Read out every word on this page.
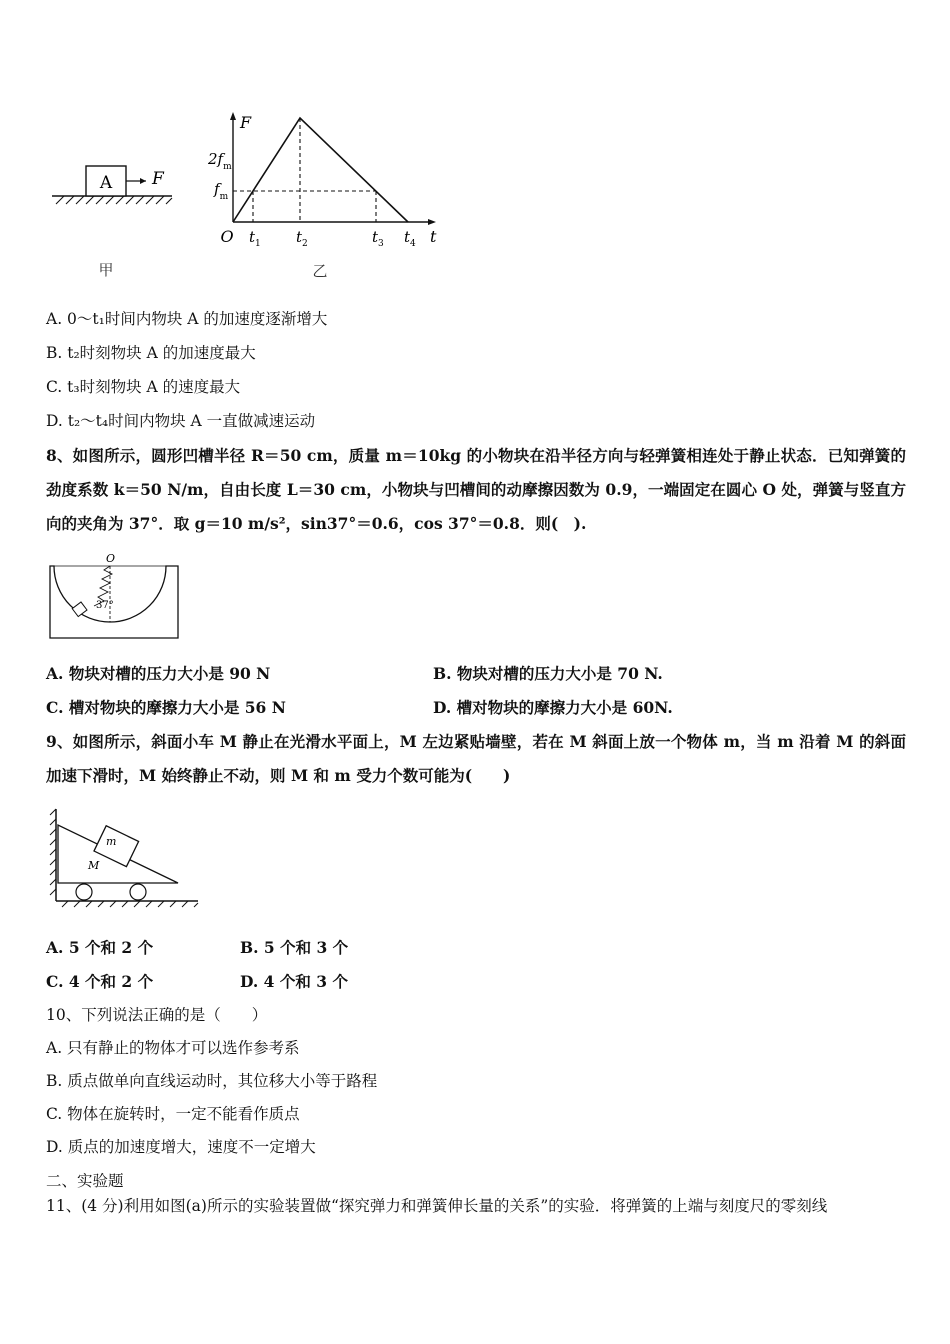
A F
甲
F
t
O
$2f_m$
$f_m$
$t_1$ $t_2$	$t_3$ $t_4$
乙
A. 0～t₁时间内物块 A 的加速度逐渐增大
B. t₂时刻物块 A 的加速度最大
C. t₃时刻物块 A 的速度最大
D. t₂～t₄时间内物块 A 一直做减速运动
8、如图所示，圆形凹槽半径 R＝50 cm，质量 m＝10kg 的小物块在沿半径方向与轻弹簧相连处于静止状态．已知弹簧的劲度系数 k＝50 N/m，自由长度 L＝30 cm，小物块与凹槽间的动摩擦因数为 0.9，一端固定在圆心 O 处，弹簧与竖直方向的夹角为 37°．取 g＝10 m/s²，sin37°＝0.6，cos 37°＝0.8．则(　).
O
37°
A. 物块对槽的压力大小是 90 N	B. 物块对槽的压力大小是 70 N.
C. 槽对物块的摩擦力大小是 56 N	D. 槽对物块的摩擦力大小是 60N.
9、如图所示，斜面小车 M 静止在光滑水平面上，M 左边紧贴墙壁，若在 M 斜面上放一个物体 m，当 m 沿着 M 的斜面加速下滑时，M 始终静止不动，则 M 和 m 受力个数可能为(　　)
m
M
A. 5 个和 2 个	B. 5 个和 3 个
C. 4 个和 2 个	D. 4 个和 3 个
10、下列说法正确的是（　　）
A. 只有静止的物体才可以选作参考系
B. 质点做单向直线运动时，其位移大小等于路程
C. 物体在旋转时，一定不能看作质点
D. 质点的加速度增大，速度不一定增大
二、实验题
11、(4 分)利用如图(a)所示的实验装置做“探究弹力和弹簧伸长量的关系”的实验．将弹簧的上端与刻度尺的零刻线
